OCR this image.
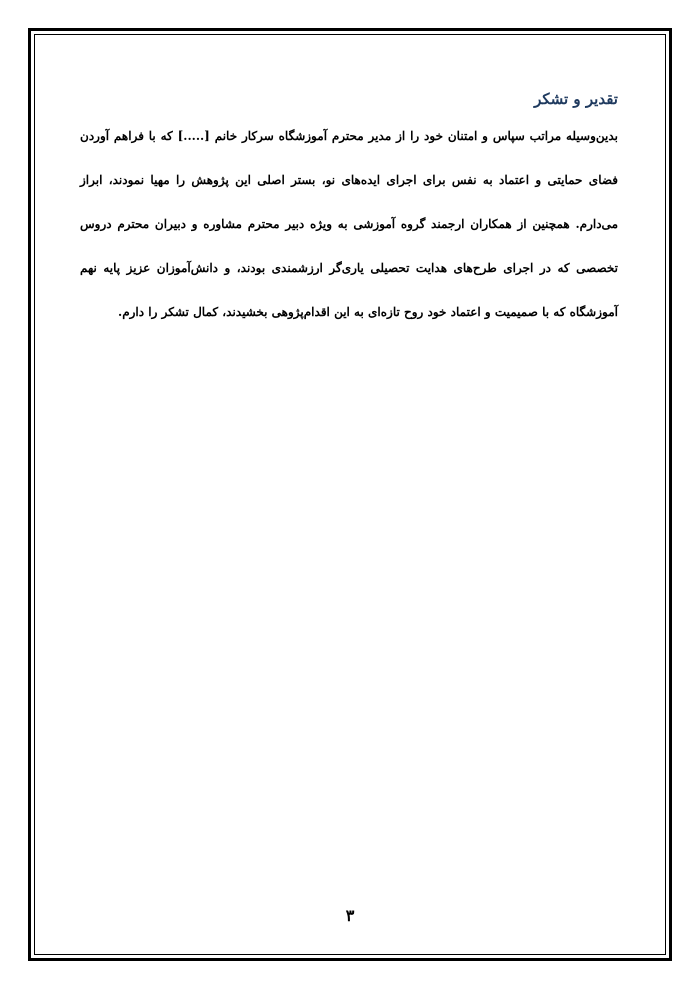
تقدیر و تشکر

بدین‌وسیله مراتب سپاس و امتنان خود را از مدیر محترم آموزشگاه سرکار خانم [.....] که با فراهم آوردن فضای حمایتی و اعتماد به نفس برای اجرای ایده‌های نو، بستر اصلی این پژوهش را مهیا نمودند، ابراز می‌دارم. همچنین از همکاران ارجمند گروه آموزشی به ویژه دبیر محترم مشاوره و دبیران محترم دروس تخصصی که در اجرای طرح‌های هدایت تحصیلی یاری‌گر ارزشمندی بودند، و دانش‌آموزان عزیز پایه نهم آموزشگاه که با صمیمیت و اعتماد خود روح تازه‌ای به این اقدام‌پژوهی بخشیدند، کمال تشکر را دارم.

۳
